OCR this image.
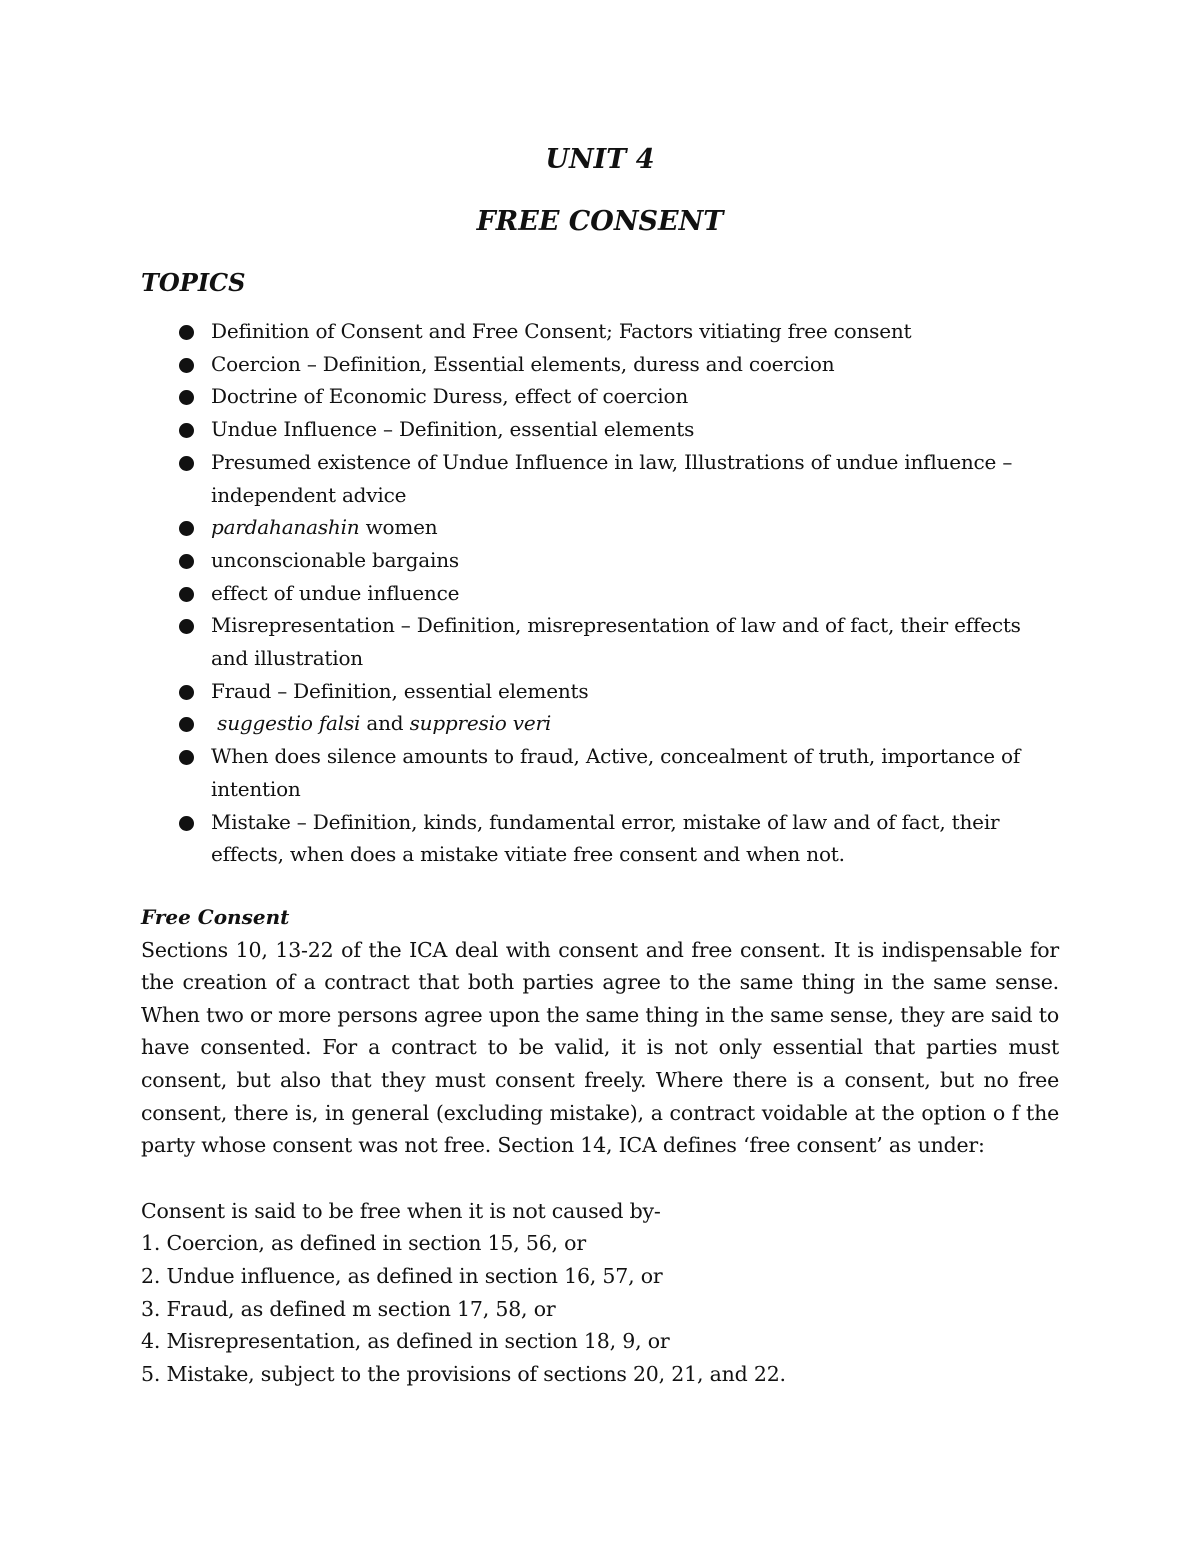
UNIT 4
FREE CONSENT
TOPICS
Definition of Consent and Free Consent; Factors vitiating free consent
Coercion – Definition, Essential elements, duress and coercion
Doctrine of Economic Duress, effect of coercion
Undue Influence – Definition, essential elements
Presumed existence of Undue Influence in law, Illustrations of undue influence – independent advice
pardahanashin women
unconscionable bargains
effect of undue influence
Misrepresentation – Definition, misrepresentation of law and of fact, their effects and illustration
Fraud – Definition, essential elements
suggestio falsi and suppresio veri
When does silence amounts to fraud, Active, concealment of truth, importance of intention
Mistake – Definition, kinds, fundamental error, mistake of law and of fact, their effects, when does a mistake vitiate free consent and when not.
Free Consent

Sections 10, 13-22 of the ICA deal with consent and free consent. It is indispensable for the creation of a contract that both parties agree to the same thing in the same sense. When two or more persons agree upon the same thing in the same sense, they are said to have consented. For a contract to be valid, it is not only essential that parties must consent, but also that they must consent freely. Where there is a consent, but no free consent, there is, in general (excluding mistake), a contract voidable at the option o f the party whose consent was not free. Section 14, ICA defines ‘free consent’ as under:

Consent is said to be free when it is not caused by-

1. Coercion, as defined in section 15, 56, or
2. Undue influence, as defined in section 16, 57, or
3. Fraud, as defined m section 17, 58, or
4. Misrepresentation, as defined in section 18, 9, or
5. Mistake, subject to the provisions of sections 20, 21, and 22.
